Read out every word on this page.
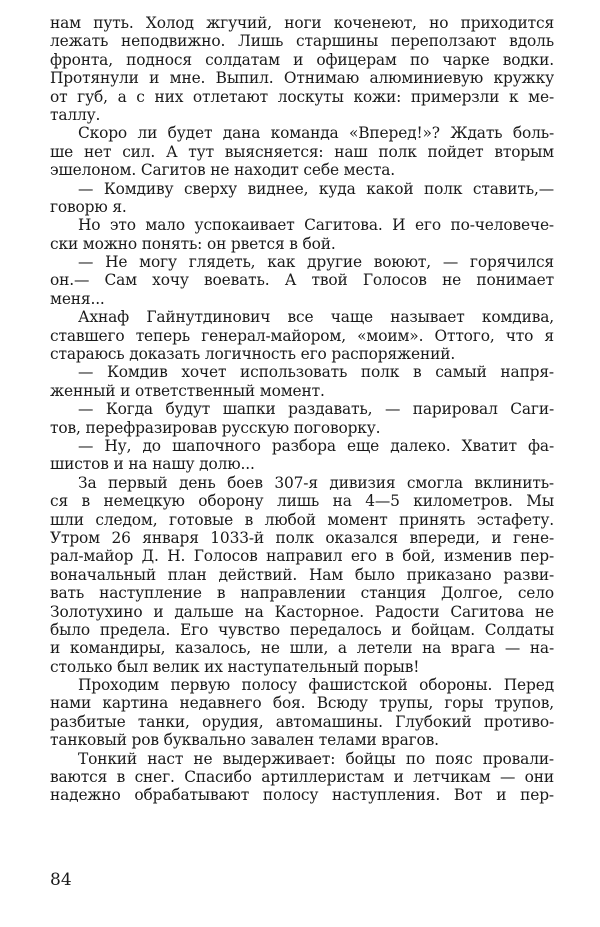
нам путь. Холод жгучий, ноги коченеют, но приходится
лежать неподвижно. Лишь старшины переползают вдоль
фронта, поднося солдатам и офицерам по чарке водки.
Протянули и мне. Выпил. Отнимаю алюминиевую кружку
от губ, а с них отлетают лоскуты кожи: примерзли к ме-
таллу.
Скоро ли будет дана команда «Вперед!»? Ждать боль-
ше нет сил. А тут выясняется: наш полк пойдет вторым
эшелоном. Сагитов не находит себе места.
— Комдиву сверху виднее, куда какой полк ставить,—
говорю я.
Но это мало успокаивает Сагитова. И его по-человече-
ски можно понять: он рвется в бой.
— Не могу глядеть, как другие воюют, — горячился
он.— Сам хочу воевать. А твой Голосов не понимает
меня...
Ахнаф Гайнутдинович все чаще называет комдива,
ставшего теперь генерал-майором, «моим». Оттого, что я
стараюсь доказать логичность его распоряжений.
— Комдив хочет использовать полк в самый напря-
женный и ответственный момент.
— Когда будут шапки раздавать, — парировал Саги-
тов, перефразировав русскую поговорку.
— Ну, до шапочного разбора еще далеко. Хватит фа-
шистов и на нашу долю...
За первый день боев 307-я дивизия смогла вклинить-
ся в немецкую оборону лишь на 4—5 километров. Мы
шли следом, готовые в любой момент принять эстафету.
Утром 26 января 1033-й полк оказался впереди, и гене-
рал-майор Д. Н. Голосов направил его в бой, изменив пер-
воначальный план действий. Нам было приказано разви-
вать наступление в направлении станция Долгое, село
Золотухино и дальше на Касторное. Радости Сагитова не
было предела. Его чувство передалось и бойцам. Солдаты
и командиры, казалось, не шли, а летели на врага — на-
столько был велик их наступательный порыв!
Проходим первую полосу фашистской обороны. Перед
нами картина недавнего боя. Всюду трупы, горы трупов,
разбитые танки, орудия, автомашины. Глубокий противо-
танковый ров буквально завален телами врагов.
Тонкий наст не выдерживает: бойцы по пояс провали-
ваются в снег. Спасибо артиллеристам и летчикам — они
надежно обрабатывают полосу наступления. Вот и пер-
84
